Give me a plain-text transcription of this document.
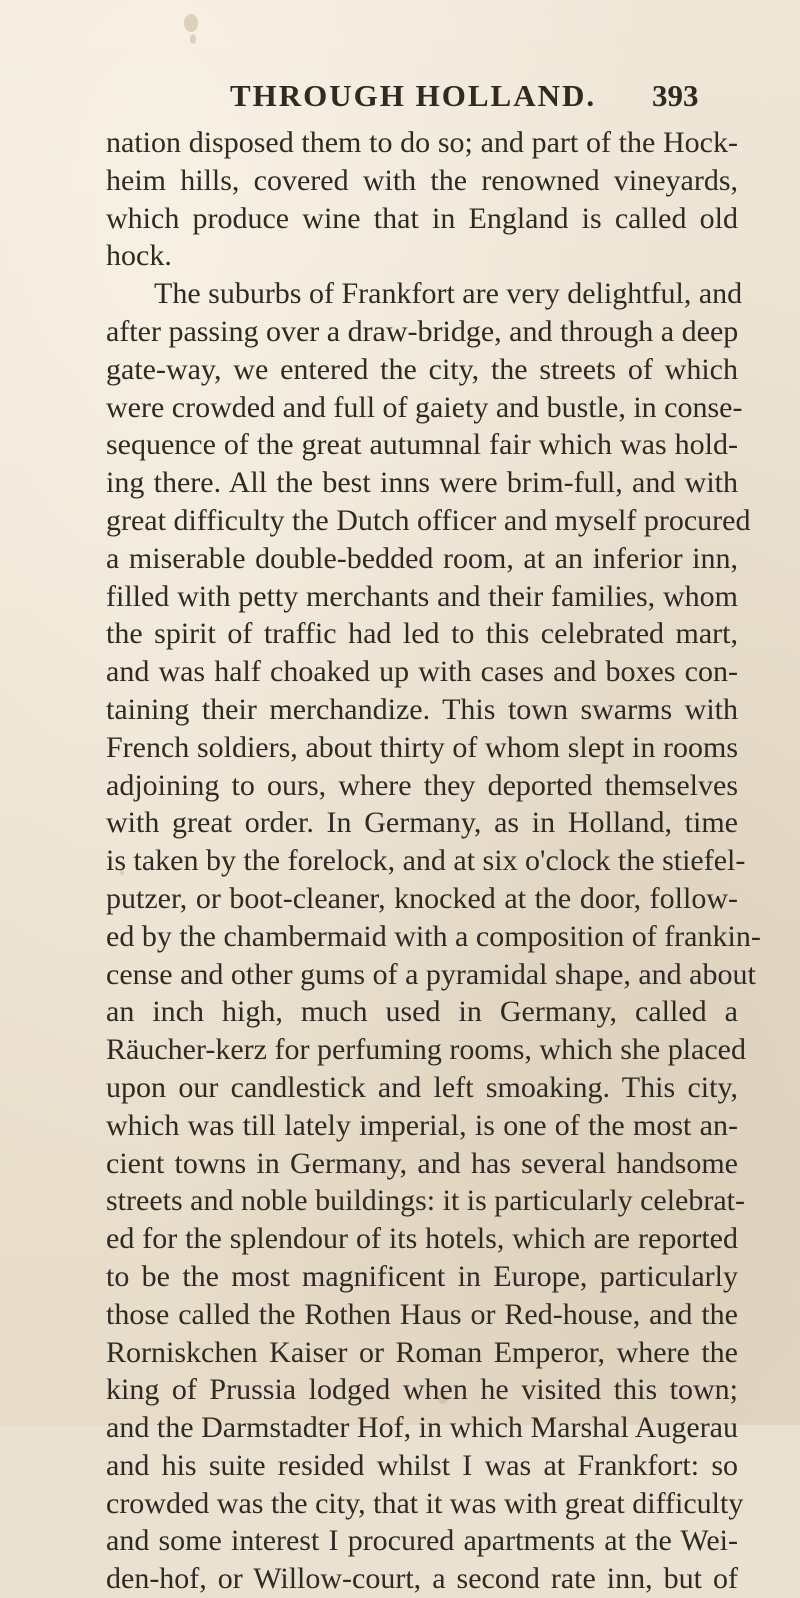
THROUGH HOLLAND. 393
nation disposed them to do so; and part of the Hock-
heim hills, covered with the renowned vineyards,
which produce wine that in England is called old
hock.
The suburbs of Frankfort are very delightful, and
after passing over a draw-bridge, and through a deep
gate-way, we entered the city, the streets of which
were crowded and full of gaiety and bustle, in conse-
sequence of the great autumnal fair which was hold-
ing there. All the best inns were brim-full, and with
great difficulty the Dutch officer and myself procured
a miserable double-bedded room, at an inferior inn,
filled with petty merchants and their families, whom
the spirit of traffic had led to this celebrated mart,
and was half choaked up with cases and boxes con-
taining their merchandize. This town swarms with
French soldiers, about thirty of whom slept in rooms
adjoining to ours, where they deported themselves
with great order. In Germany, as in Holland, time
is taken by the forelock, and at six o'clock the stiefel-
putzer, or boot-cleaner, knocked at the door, follow-
ed by the chambermaid with a composition of frankin-
cense and other gums of a pyramidal shape, and about
an inch high, much used in Germany, called a
Räucher-kerz for perfuming rooms, which she placed
upon our candlestick and left smoaking. This city,
which was till lately imperial, is one of the most an-
cient towns in Germany, and has several handsome
streets and noble buildings: it is particularly celebrat-
ed for the splendour of its hotels, which are reported
to be the most magnificent in Europe, particularly
those called the Rothen Haus or Red-house, and the
Rorniskchen Kaiser or Roman Emperor, where the
king of Prussia lodged when he visited this town;
and the Darmstadter Hof, in which Marshal Augerau
and his suite resided whilst I was at Frankfort: so
crowded was the city, that it was with great difficulty
and some interest I procured apartments at the Wei-
den-hof, or Willow-court, a second rate inn, but of
